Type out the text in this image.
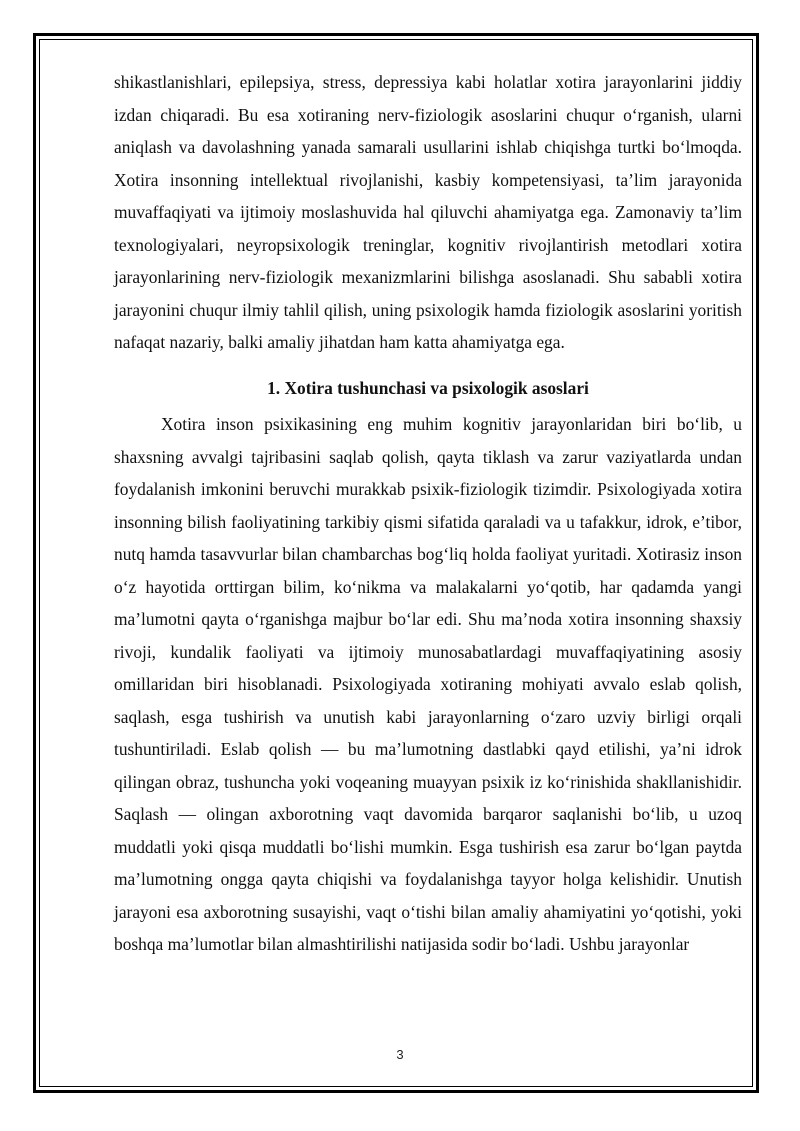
shikastlanishlari, epilepsiya, stress, depressiya kabi holatlar xotira jarayonlarini jiddiy izdan chiqaradi. Bu esa xotiraning nerv-fiziologik asoslarini chuqur o‘rganish, ularni aniqlash va davolashning yanada samarali usullarini ishlab chiqishga turtki bo‘lmoqda. Xotira insonning intellektual rivojlanishi, kasbiy kompetensiyasi, ta’lim jarayonida muvaffaqiyati va ijtimoiy moslashuvida hal qiluvchi ahamiyatga ega. Zamonaviy ta’lim texnologiyalari, neyropsixologik treninglar, kognitiv rivojlantirish metodlari xotira jarayonlarining nerv-fiziologik mexanizmlarini bilishga asoslanadi. Shu sababli xotira jarayonini chuqur ilmiy tahlil qilish, uning psixologik hamda fiziologik asoslarini yoritish nafaqat nazariy, balki amaliy jihatdan ham katta ahamiyatga ega.

1. Xotira tushunchasi va psixologik asoslari

Xotira inson psixikasining eng muhim kognitiv jarayonlaridan biri bo‘lib, u shaxsning avvalgi tajribasini saqlab qolish, qayta tiklash va zarur vaziyatlarda undan foydalanish imkonini beruvchi murakkab psixik-fiziologik tizimdir. Psixologiyada xotira insonning bilish faoliyatining tarkibiy qismi sifatida qaraladi va u tafakkur, idrok, e’tibor, nutq hamda tasavvurlar bilan chambarchas bog‘liq holda faoliyat yuritadi. Xotirasiz inson o‘z hayotida orttirgan bilim, ko‘nikma va malakalarni yo‘qotib, har qadamda yangi ma’lumotni qayta o‘rganishga majbur bo‘lar edi. Shu ma’noda xotira insonning shaxsiy rivoji, kundalik faoliyati va ijtimoiy munosabatlardagi muvaffaqiyatining asosiy omillaridan biri hisoblanadi. Psixologiyada xotiraning mohiyati avvalo eslab qolish, saqlash, esga tushirish va unutish kabi jarayonlarning o‘zaro uzviy birligi orqali tushuntiriladi. Eslab qolish — bu ma’lumotning dastlabki qayd etilishi, ya’ni idrok qilingan obraz, tushuncha yoki voqeaning muayyan psixik iz ko‘rinishida shakllanishidir. Saqlash — olingan axborotning vaqt davomida barqaror saqlanishi bo‘lib, u uzoq muddatli yoki qisqa muddatli bo‘lishi mumkin. Esga tushirish esa zarur bo‘lgan paytda ma’lumotning ongga qayta chiqishi va foydalanishga tayyor holga kelishidir. Unutish jarayoni esa axborotning susayishi, vaqt o‘tishi bilan amaliy ahamiyatini yo‘qotishi, yoki boshqa ma’lumotlar bilan almashtirilishi natijasida sodir bo‘ladi. Ushbu jarayonlar

3
